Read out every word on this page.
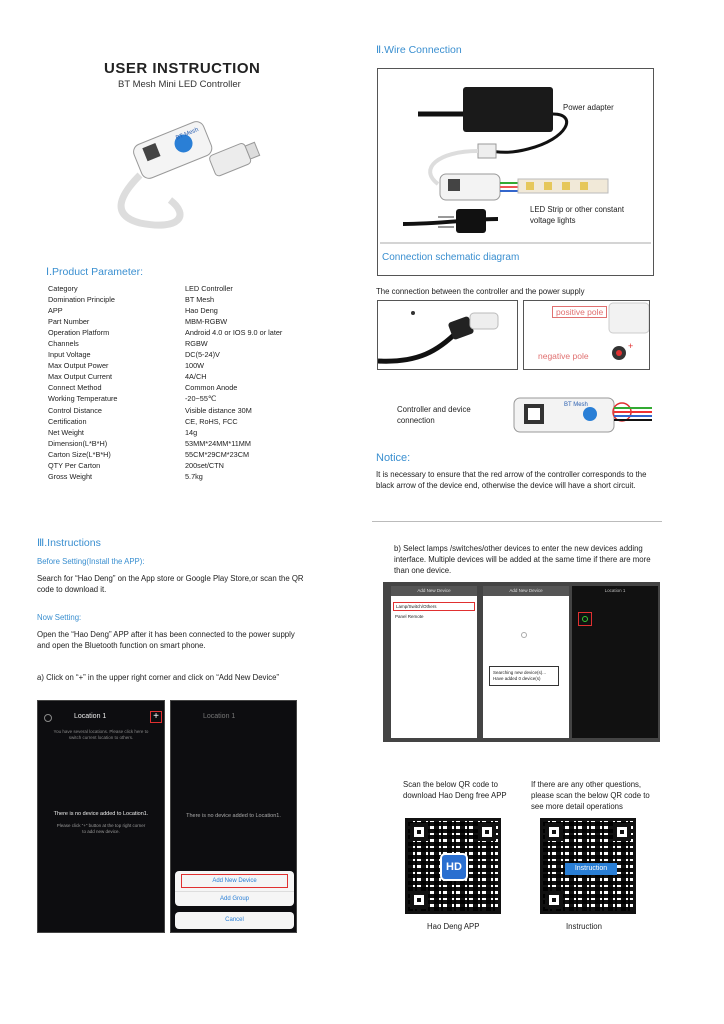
USER INSTRUCTION
BT Mesh Mini LED Controller
BT Mesh
Ⅰ.Product Parameter:
Category	LED Controller
Domination Principle	BT Mesh
APP	Hao Deng
Part Number	MBM-RGBW
Operation Platform	Android 4.0 or IOS 9.0 or later
Channels	RGBW
Input Voltage	DC(5-24)V
Max Output Power	100W
Max Output Current	4A/CH
Connect Method	Common Anode
Working Temperature	-20~55℃
Control Distance	Visible distance 30M
Certification	CE, RoHS, FCC
Net Weight	14g
Dimension(L*B*H)	53MM*24MM*11MM
Carton Size(L*B*H)	55CM*29CM*23CM
QTY Per Carton	200set/CTN
Gross Weight	5.7kg
Ⅱ.Wire Connection
Power adapter
LED Strip or other constant voltage lights
Connection schematic diagram
The connection between the controller and the power supply
+
positive pole
negative pole
Controller and device connection
BT Mesh
Notice:
It is necessary to ensure that the red arrow of the controller corresponds to the black arrow of the device end, otherwise the device will have a short circuit.
Ⅲ.Instructions
Before Setting(Install the APP):
Search for “Hao Deng” on the App store or Google Play Store,or scan the QR code to download it.
Now Setting:
Open the “Hao Deng” APP after it has been connected to the power supply and open the Bluetooth function on smart phone.
a) Click on “+” in the upper right corner and click on “Add New Device”
Location 1	+
You have several locations. Please click here to switch current location to others.
There is no device added to Location1.
Please click “+” button at the top right corner to add new device.
Location 1
There is no device added to Location1.
Add New Device
Add Group
Cancel
b) Select lamps /switches/other devices to enter the new devices adding interface. Multiple devices will be added at the same time if there are more than one device.
Add New Device
Lamp/Switch/Others
Panel Remote
Add New Device
Searching new device(s)... Have added 0 device(s)
Location 1
Scan the below QR code to download Hao Deng free APP
If there are any other questions, please scan the below QR code to see more detail operations
HD	Instruction
Hao Deng APP	Instruction
